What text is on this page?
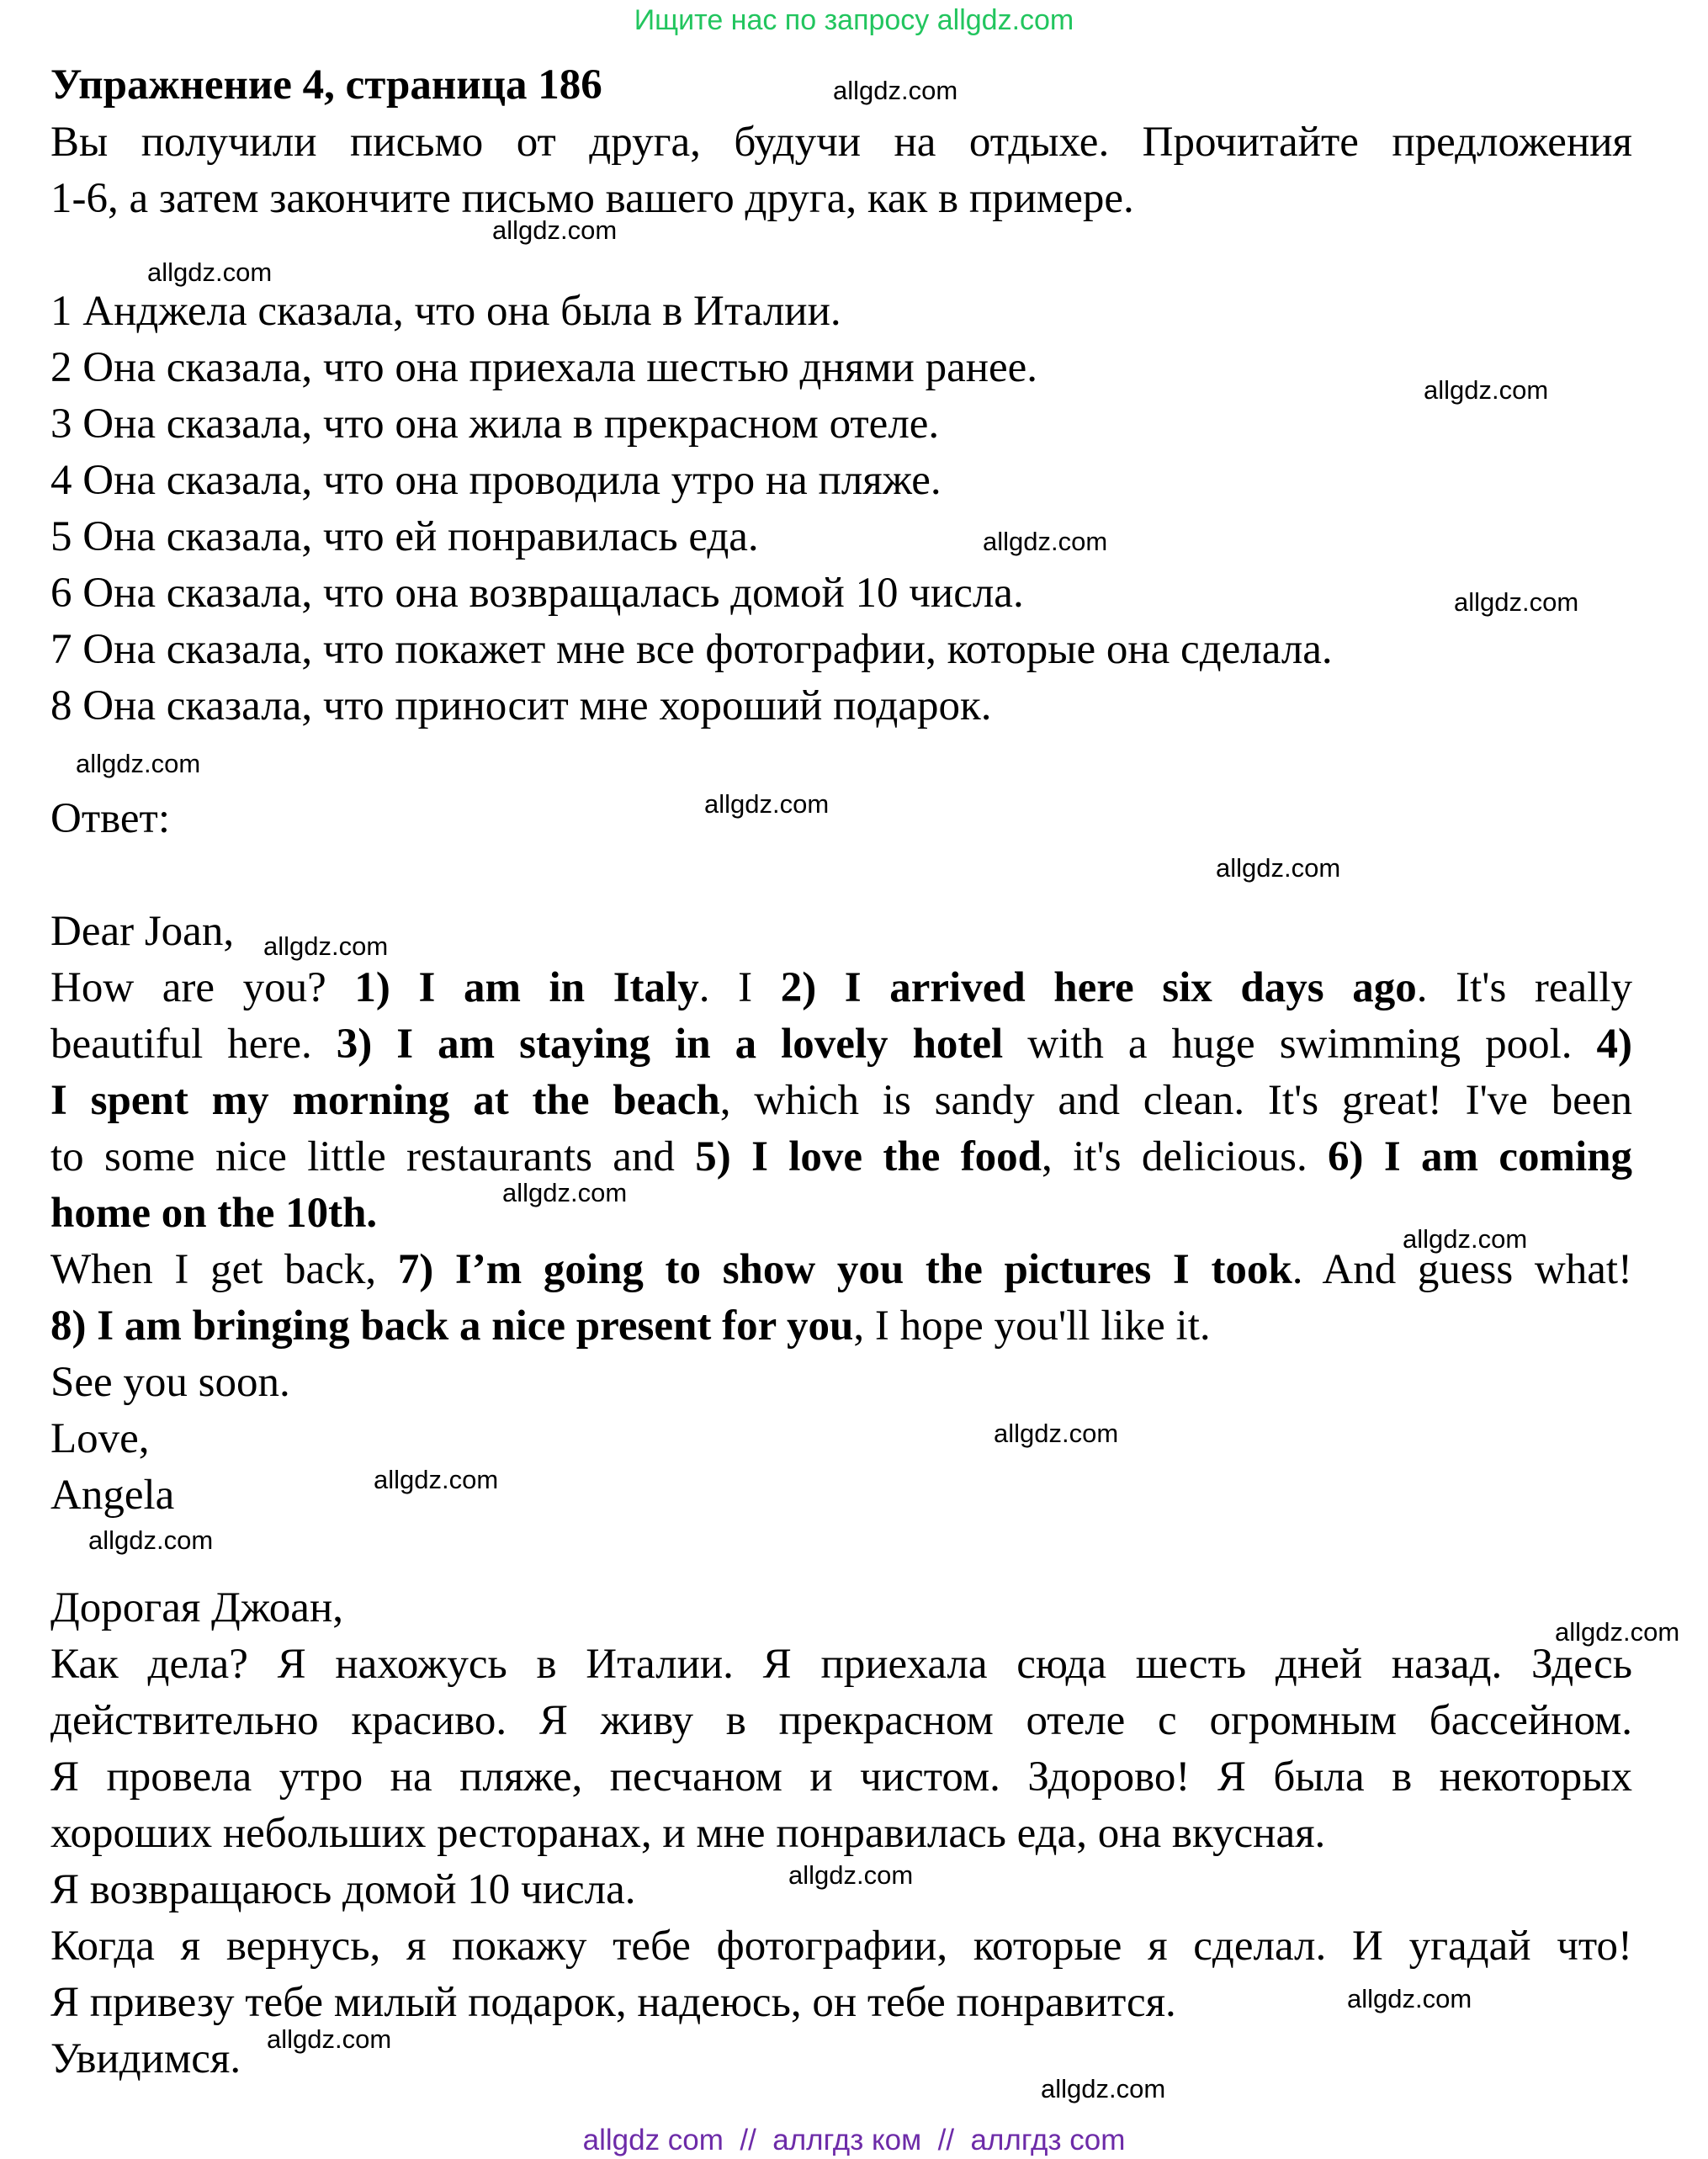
Ищите нас по запросу allgdz.com
Упражнение 4, страница 186
Вы получили письмо от друга, будучи на отдыхе. Прочитайте предложения
1-6, а затем закончите письмо вашего друга, как в примере.
1 Анджела сказала, что она была в Италии.
2 Она сказала, что она приехала шестью днями ранее.
3 Она сказала, что она жила в прекрасном отеле.
4 Она сказала, что она проводила утро на пляже.
5 Она сказала, что ей понравилась еда.
6 Она сказала, что она возвращалась домой 10 числа.
7 Она сказала, что покажет мне все фотографии, которые она сделала.
8 Она сказала, что приносит мне хороший подарок.
Ответ:
Dear Joan,
How are you? 1) I am in Italy. I 2) I arrived here six days ago. It's really
beautiful here. 3) I am staying in a lovely hotel with a huge swimming pool. 4)
I spent my morning at the beach, which is sandy and clean. It's great! I've been
to some nice little restaurants and 5) I love the food, it's delicious. 6) I am coming
home on the 10th.
When I get back, 7) I’m going to show you the pictures I took. And guess what!
8) I am bringing back a nice present for you, I hope you'll like it.
See you soon.
Love,
Angela
Дорогая Джоан,
Как дела? Я нахожусь в Италии. Я приехала сюда шесть дней назад. Здесь
действительно красиво. Я живу в прекрасном отеле с огромным бассейном.
Я провела утро на пляже, песчаном и чистом. Здорово! Я была в некоторых
хороших небольших ресторанах, и мне понравилась еда, она вкусная.
Я возвращаюсь домой 10 числа.
Когда я вернусь, я покажу тебе фотографии, которые я сделал. И угадай что!
Я привезу тебе милый подарок, надеюсь, он тебе понравится.
Увидимся.
allgdz.com
allgdz.com
allgdz.com
allgdz.com
allgdz.com
allgdz.com
allgdz.com
allgdz.com
allgdz.com
allgdz.com
allgdz.com
allgdz.com
allgdz.com
allgdz.com
allgdz.com
allgdz.com
allgdz.com
allgdz.com
allgdz.com
allgdz.com
allgdz com  //  аллгдз ком  //  аллгдз com
